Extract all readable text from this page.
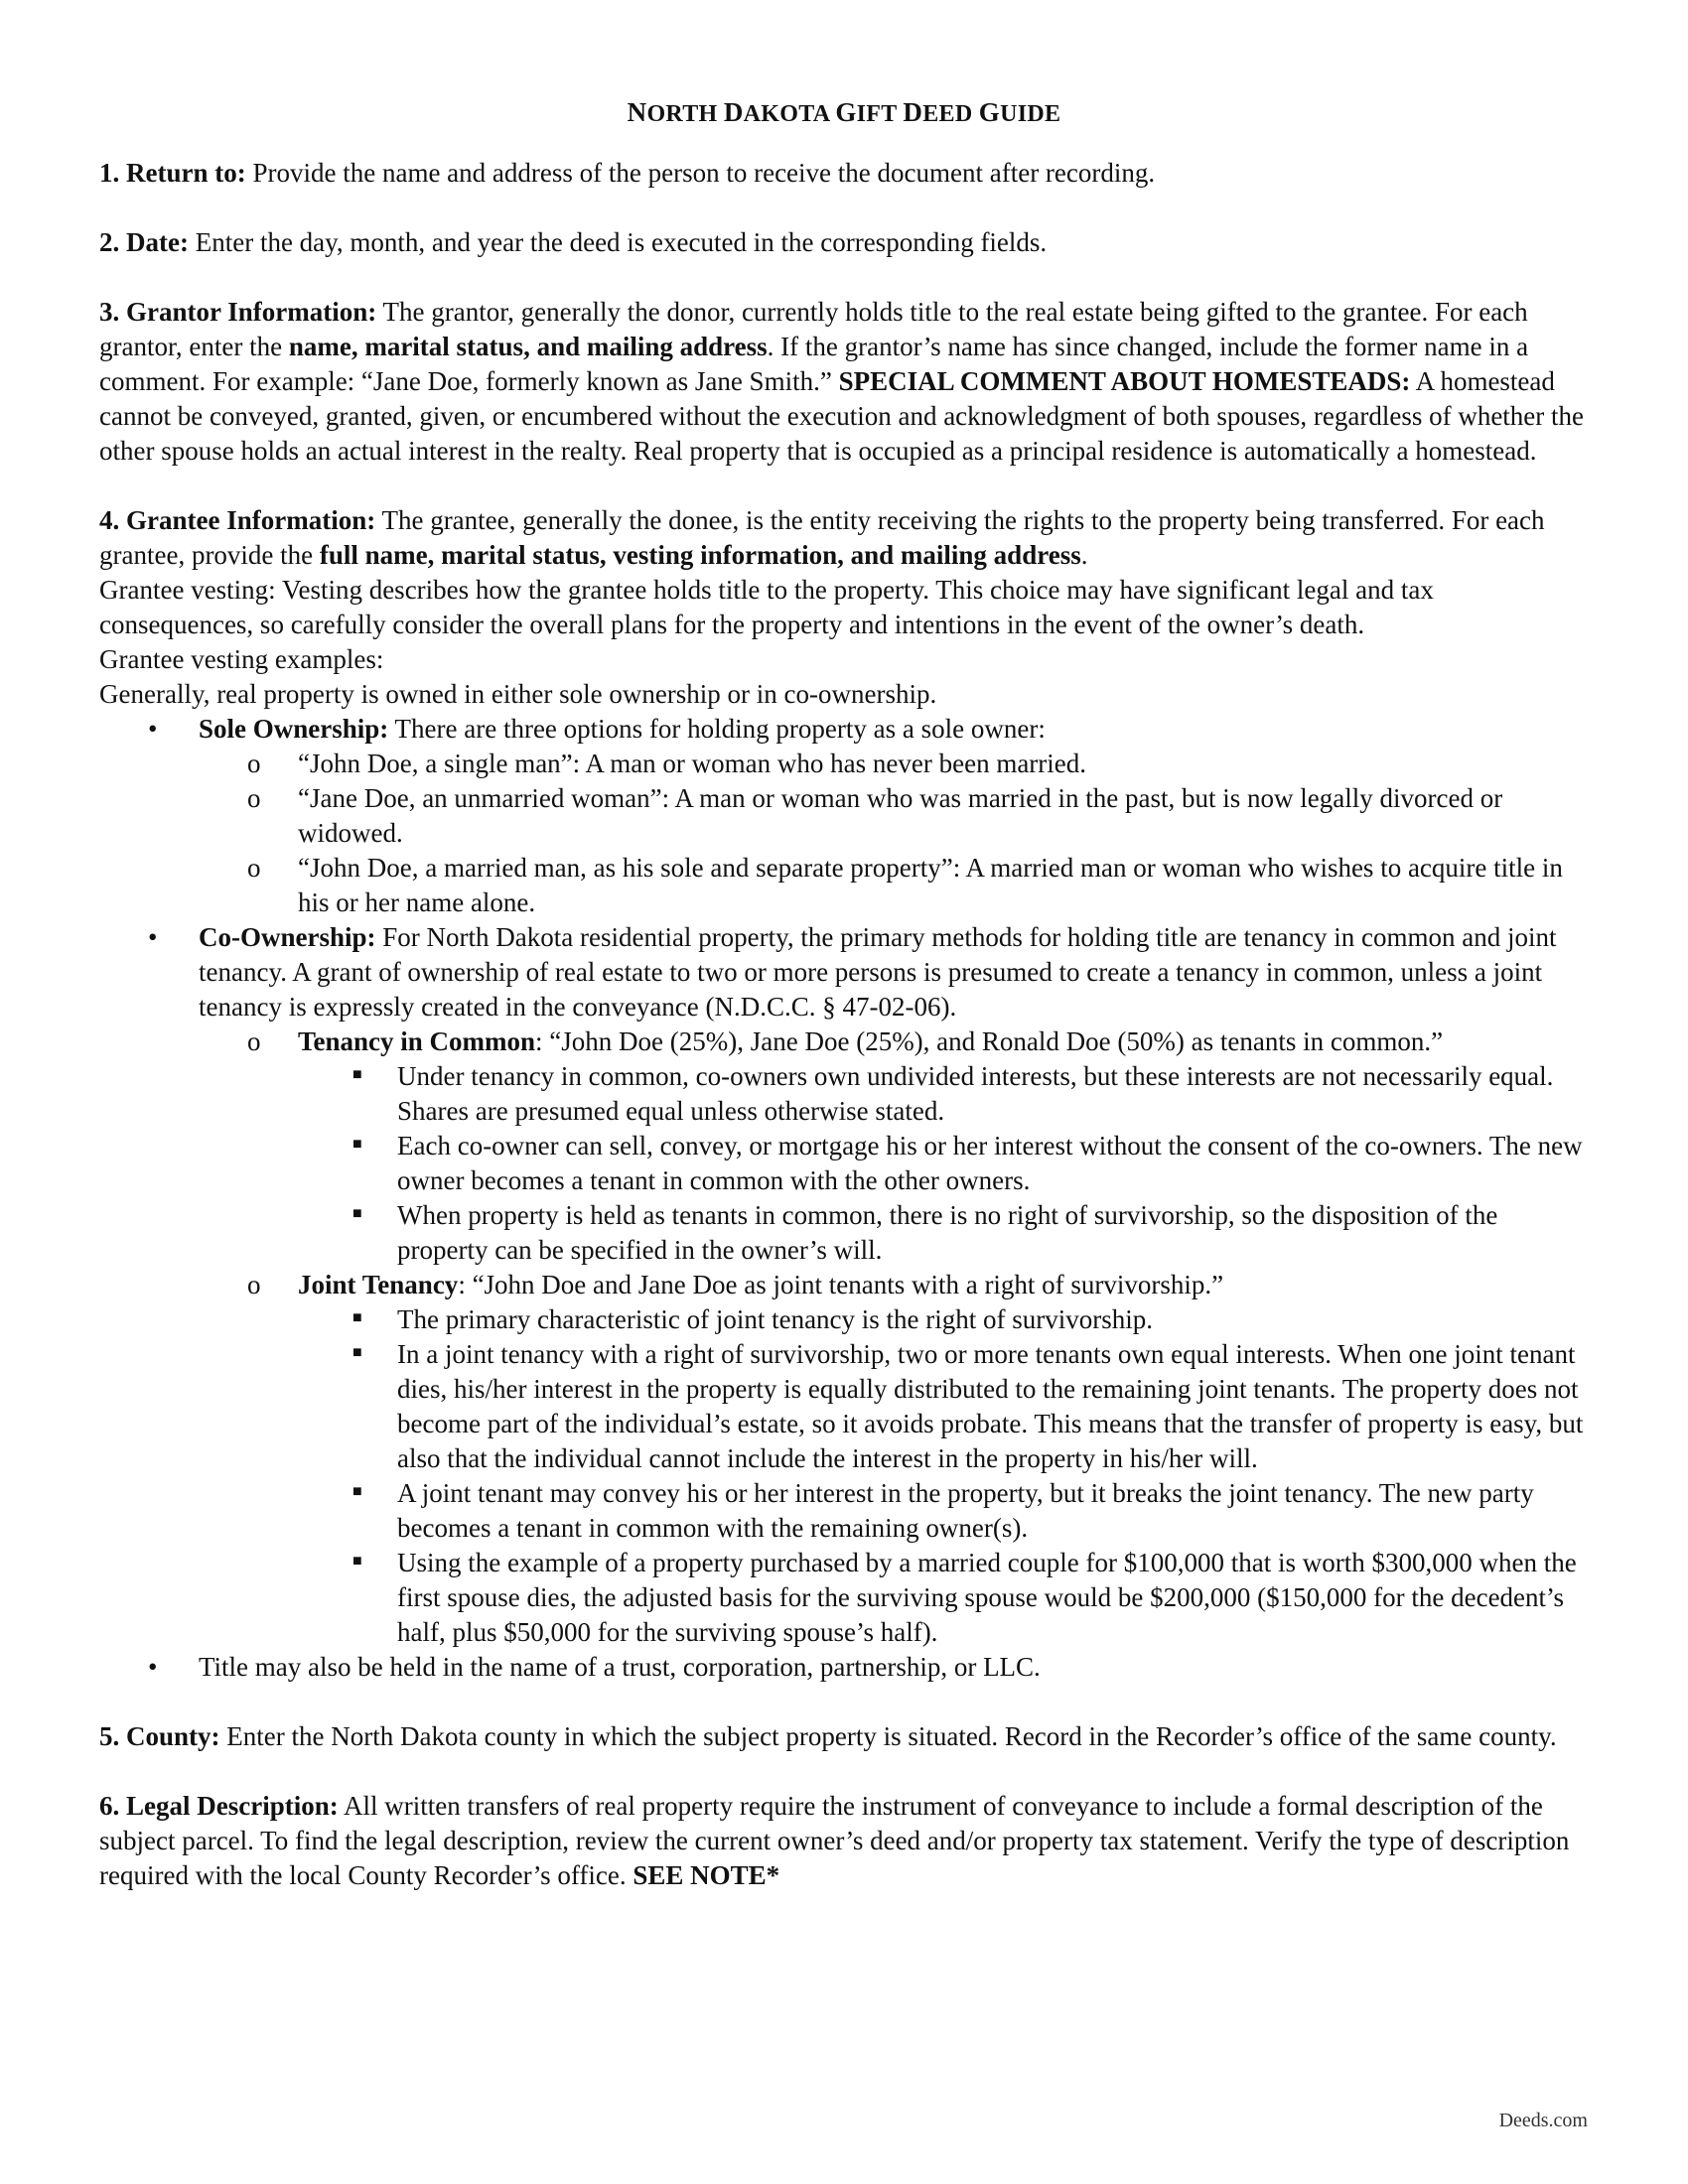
NORTH DAKOTA GIFT DEED GUIDE

1. Return to: Provide the name and address of the person to receive the document after recording.

2. Date: Enter the day, month, and year the deed is executed in the corresponding fields.

3. Grantor Information: The grantor, generally the donor, currently holds title to the real estate being gifted to the grantee. For each grantor, enter the name, marital status, and mailing address. If the grantor’s name has since changed, include the former name in a comment. For example: “Jane Doe, formerly known as Jane Smith.” SPECIAL COMMENT ABOUT HOMESTEADS: A homestead cannot be conveyed, granted, given, or encumbered without the execution and acknowledgment of both spouses, regardless of whether the other spouse holds an actual interest in the realty. Real property that is occupied as a principal residence is automatically a homestead.

4. Grantee Information: The grantee, generally the donee, is the entity receiving the rights to the property being transferred. For each grantee, provide the full name, marital status, vesting information, and mailing address.

Grantee vesting: Vesting describes how the grantee holds title to the property. This choice may have significant legal and tax consequences, so carefully consider the overall plans for the property and intentions in the event of the owner’s death.

Grantee vesting examples:

Generally, real property is owned in either sole ownership or in co-ownership.

• Sole Ownership: There are three options for holding property as a sole owner:
o “John Doe, a single man”: A man or woman who has never been married.
o “Jane Doe, an unmarried woman”: A man or woman who was married in the past, but is now legally divorced or widowed.
o “John Doe, a married man, as his sole and separate property”: A married man or woman who wishes to acquire title in his or her name alone.
• Co-Ownership: For North Dakota residential property, the primary methods for holding title are tenancy in common and joint tenancy. A grant of ownership of real estate to two or more persons is presumed to create a tenancy in common, unless a joint tenancy is expressly created in the conveyance (N.D.C.C. § 47-02-06).
o Tenancy in Common: “John Doe (25%), Jane Doe (25%), and Ronald Doe (50%) as tenants in common.”
■ Under tenancy in common, co-owners own undivided interests, but these interests are not necessarily equal. Shares are presumed equal unless otherwise stated.
■ Each co-owner can sell, convey, or mortgage his or her interest without the consent of the co-owners. The new owner becomes a tenant in common with the other owners.
■ When property is held as tenants in common, there is no right of survivorship, so the disposition of the property can be specified in the owner’s will.
o Joint Tenancy: “John Doe and Jane Doe as joint tenants with a right of survivorship.”
■ The primary characteristic of joint tenancy is the right of survivorship.
■ In a joint tenancy with a right of survivorship, two or more tenants own equal interests. When one joint tenant dies, his/her interest in the property is equally distributed to the remaining joint tenants. The property does not become part of the individual’s estate, so it avoids probate. This means that the transfer of property is easy, but also that the individual cannot include the interest in the property in his/her will.
■ A joint tenant may convey his or her interest in the property, but it breaks the joint tenancy. The new party becomes a tenant in common with the remaining owner(s).
■ Using the example of a property purchased by a married couple for $100,000 that is worth $300,000 when the first spouse dies, the adjusted basis for the surviving spouse would be $200,000 ($150,000 for the decedent’s half, plus $50,000 for the surviving spouse’s half).
• Title may also be held in the name of a trust, corporation, partnership, or LLC.

5. County: Enter the North Dakota county in which the subject property is situated. Record in the Recorder’s office of the same county.

6. Legal Description: All written transfers of real property require the instrument of conveyance to include a formal description of the subject parcel. To find the legal description, review the current owner’s deed and/or property tax statement. Verify the type of description required with the local County Recorder’s office. SEE NOTE*

Deeds.com
